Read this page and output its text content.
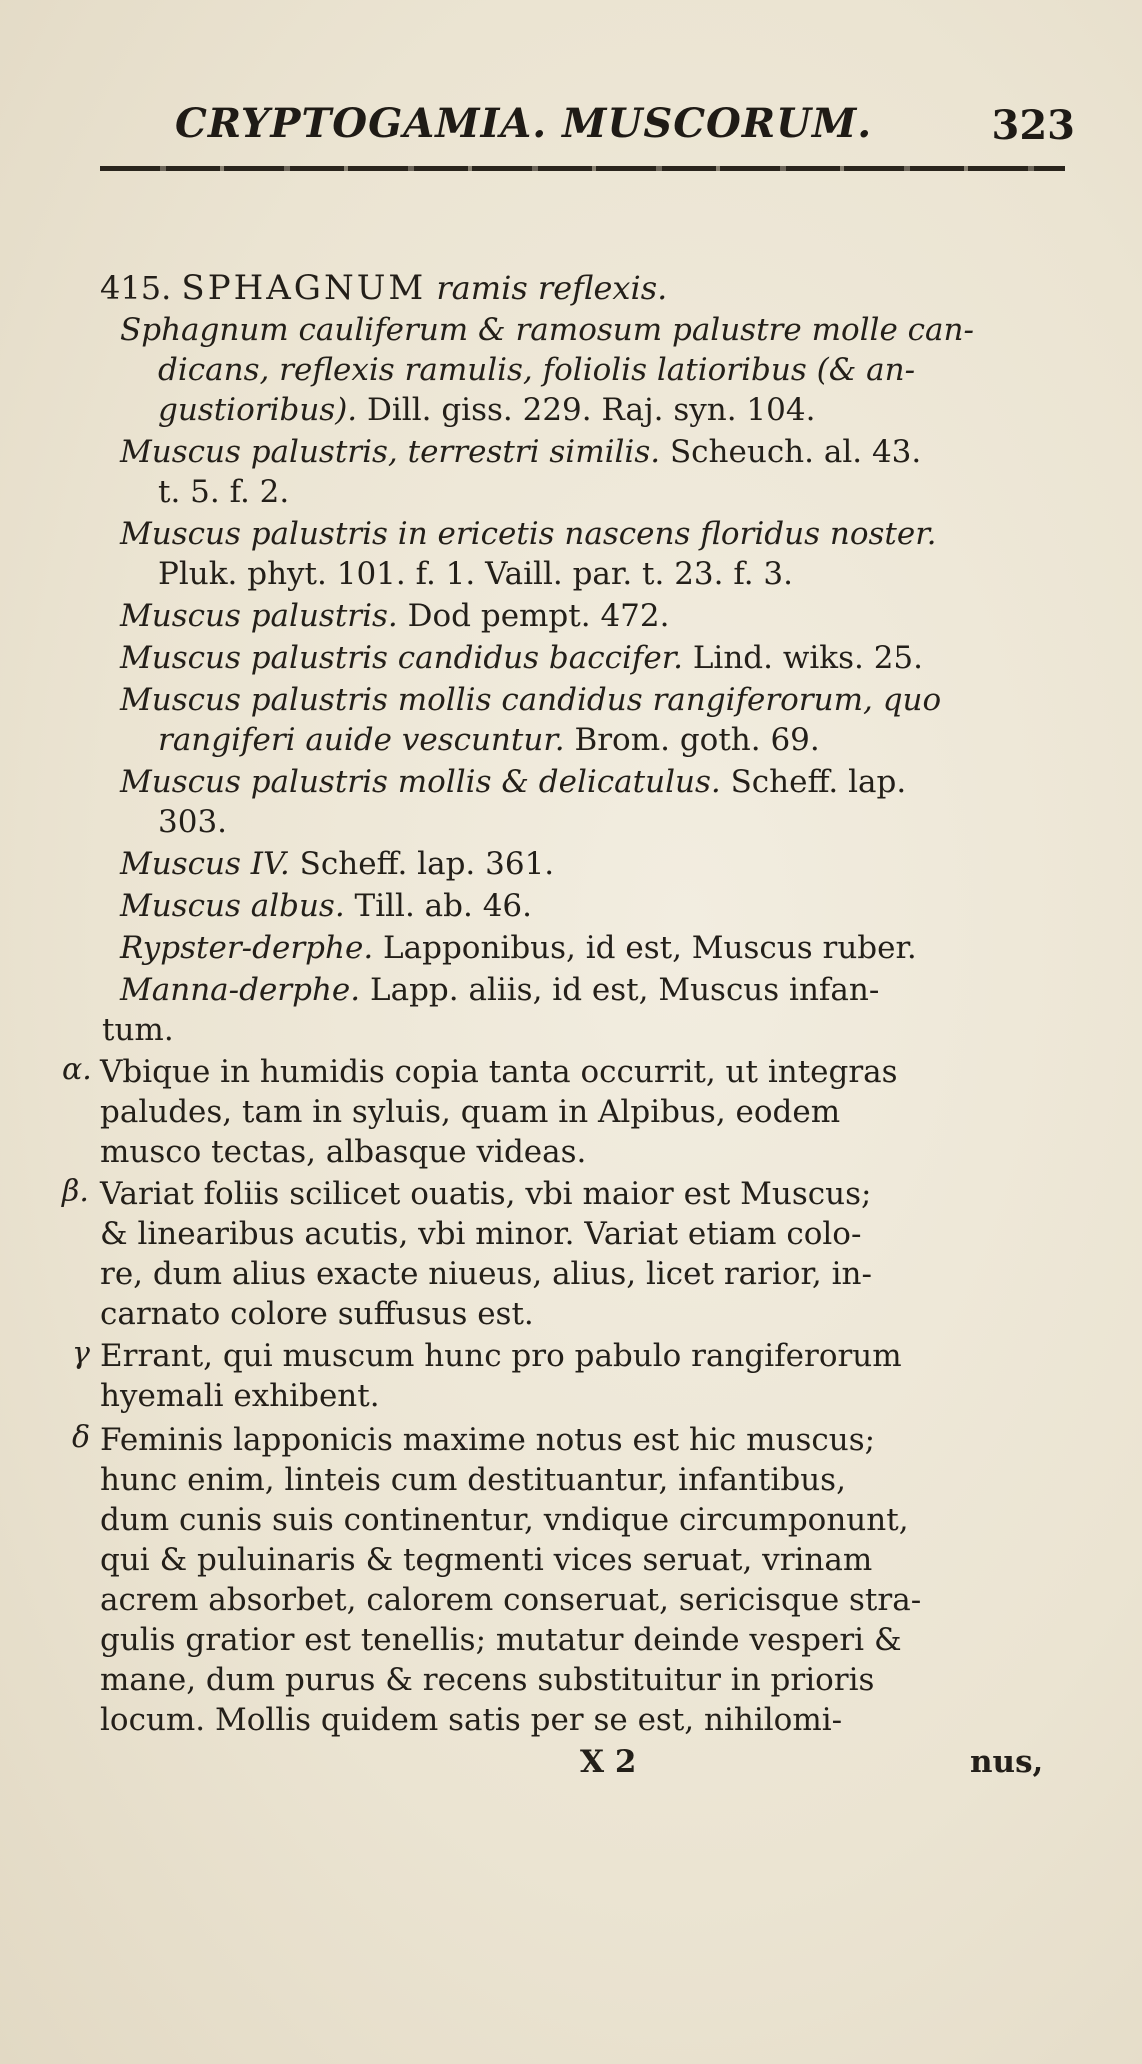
CRYPTOGAMIA. MUSCORUM.	323
415. SPHAGNUM ramis reflexis.
Sphagnum cauliferum & ramosum palustre molle can-
dicans, reflexis ramulis, foliolis latioribus (& an-
gustioribus). Dill. giss. 229. Raj. syn. 104.
Muscus palustris, terrestri similis. Scheuch. al. 43.
t. 5. f. 2.
Muscus palustris in ericetis nascens floridus noster.
Pluk. phyt. 101. f. 1. Vaill. par. t. 23. f. 3.
Muscus palustris. Dod pempt. 472.
Muscus palustris candidus baccifer. Lind. wiks. 25.
Muscus palustris mollis candidus rangiferorum, quo
rangiferi auide vescuntur. Brom. goth. 69.
Muscus palustris mollis & delicatulus. Scheff. lap.
303.
Muscus IV. Scheff. lap. 361.
Muscus albus. Till. ab. 46.
Rypster-derphe. Lapponibus, id est, Muscus ruber.
Manna-derphe. Lapp. aliis, id est, Muscus infan-
tum.
α. Vbique in humidis copia tanta occurrit, ut integras
paludes, tam in syluis, quam in Alpibus, eodem
musco tectas, albasque videas.
β. Variat foliis scilicet ouatis, vbi maior est Muscus;
& linearibus acutis, vbi minor. Variat etiam colo-
re, dum alius exacte niueus, alius, licet rarior, in-
carnato colore suffusus est.
γ Errant, qui muscum hunc pro pabulo rangiferorum
hyemali exhibent.
δ Feminis lapponicis maxime notus est hic muscus;
hunc enim, linteis cum destituantur, infantibus,
dum cunis suis continentur, vndique circumponunt,
qui & puluinaris & tegmenti vices seruat, vrinam
acrem absorbet, calorem conseruat, sericisque stra-
gulis gratior est tenellis; mutatur deinde vesperi &
mane, dum purus & recens substituitur in prioris
locum. Mollis quidem satis per se est, nihilomi-
X 2	nus,
